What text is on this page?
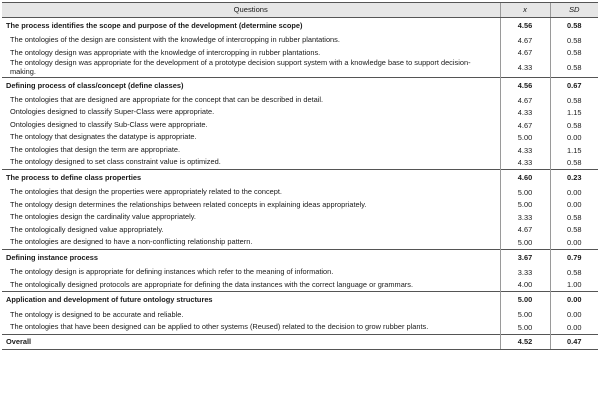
Questions	x	SD
The process identifies the scope and purpose of the development (determine scope)	4.56	0.58

The ontologies of the design are consistent with the knowledge of intercropping in rubber plantations.	4.67	0.58
The ontology design was appropriate with the knowledge of intercropping in rubber plantations.	4.67	0.58
The ontology design was appropriate for the development of a prototype decision support system with a knowledge base to support decision-making.	4.33	0.58
Defining process of class/concept (define classes)	4.56	0.67

The ontologies that are designed are appropriate for the concept that can be described in detail.	4.67	0.58
Ontologies designed to classify Super-Class were appropriate.	4.33	1.15
Ontologies designed to classify Sub-Class were appropriate.	4.67	0.58
The ontology that designates the datatype is appropriate.	5.00	0.00
The ontologies that design the term are appropriate.	4.33	1.15
The ontology designed to set class constraint value is optimized.	4.33	0.58
The process to define class properties	4.60	0.23

The ontologies that design the properties were appropriately related to the concept.	5.00	0.00
The ontology design determines the relationships between related concepts in explaining ideas appropriately.	5.00	0.00
The ontologies design the cardinality value appropriately.	3.33	0.58
The ontologically designed value appropriately.	4.67	0.58
The ontologies are designed to have a non-conflicting relationship pattern.	5.00	0.00
Defining instance process	3.67	0.79

The ontology design is appropriate for defining instances which refer to the meaning of information.	3.33	0.58
The ontologically designed protocols are appropriate for defining the data instances with the correct language or grammars.	4.00	1.00
Application and development of future ontology structures	5.00	0.00

The ontology is designed to be accurate and reliable.	5.00	0.00
The ontologies that have been designed can be applied to other systems (Reused) related to the decision to grow rubber plants.	5.00	0.00
Overall	4.52	0.47
